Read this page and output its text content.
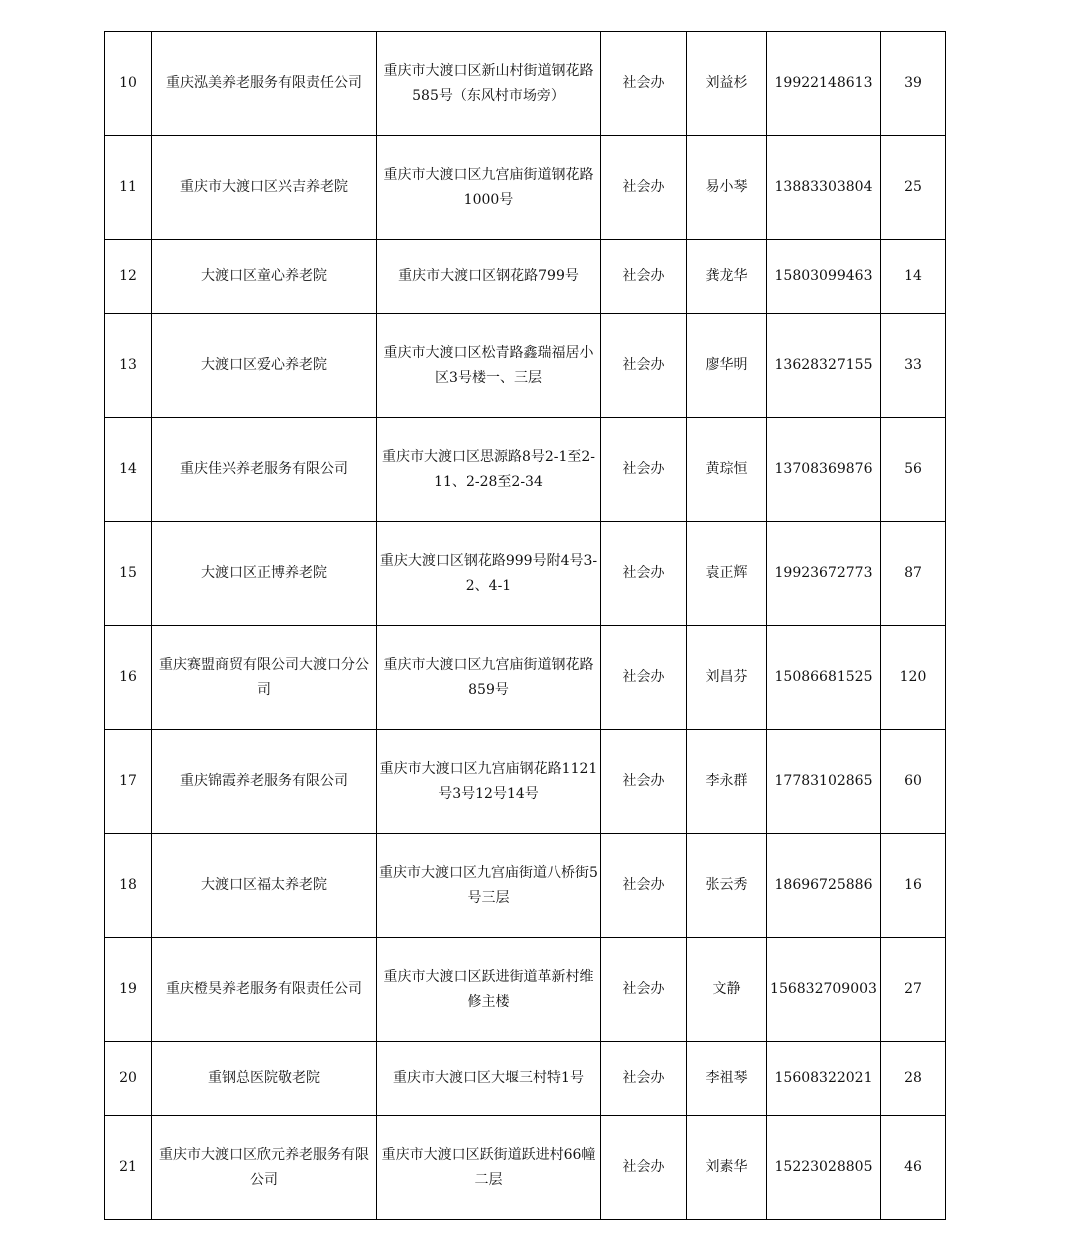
10	重庆泓美养老服务有限责任公司	重庆市大渡口区新山村街道钢花路585号（东风村市场旁）	社会办	刘益杉	19922148613	39
11	重庆市大渡口区兴吉养老院	重庆市大渡口区九宫庙街道钢花路1000号	社会办	易小琴	13883303804	25
12	大渡口区童心养老院	重庆市大渡口区钢花路799号	社会办	龚龙华	15803099463	14
13	大渡口区爱心养老院	重庆市大渡口区松青路鑫瑞福居小区3号楼一、三层	社会办	廖华明	13628327155	33
14	重庆佳兴养老服务有限公司	重庆市大渡口区思源路8号2-1至2-11、2-28至2-34	社会办	黄琮恒	13708369876	56
15	大渡口区正博养老院	重庆大渡口区钢花路999号附4号3-2、4-1	社会办	袁正辉	19923672773	87
16	重庆赛盟商贸有限公司大渡口分公司	重庆市大渡口区九宫庙街道钢花路859号	社会办	刘昌芬	15086681525	120
17	重庆锦霞养老服务有限公司	重庆市大渡口区九宫庙钢花路1121号3号12号14号	社会办	李永群	17783102865	60
18	大渡口区福太养老院	重庆市大渡口区九宫庙街道八桥街5号三层	社会办	张云秀	18696725886	16
19	重庆橙昊养老服务有限责任公司	重庆市大渡口区跃进街道革新村维修主楼	社会办	文静	156832709003	27
20	重钢总医院敬老院	重庆市大渡口区大堰三村特1号	社会办	李祖琴	15608322021	28
21	重庆市大渡口区欣元养老服务有限公司	重庆市大渡口区跃街道跃进村66幢二层	社会办	刘素华	15223028805	46
